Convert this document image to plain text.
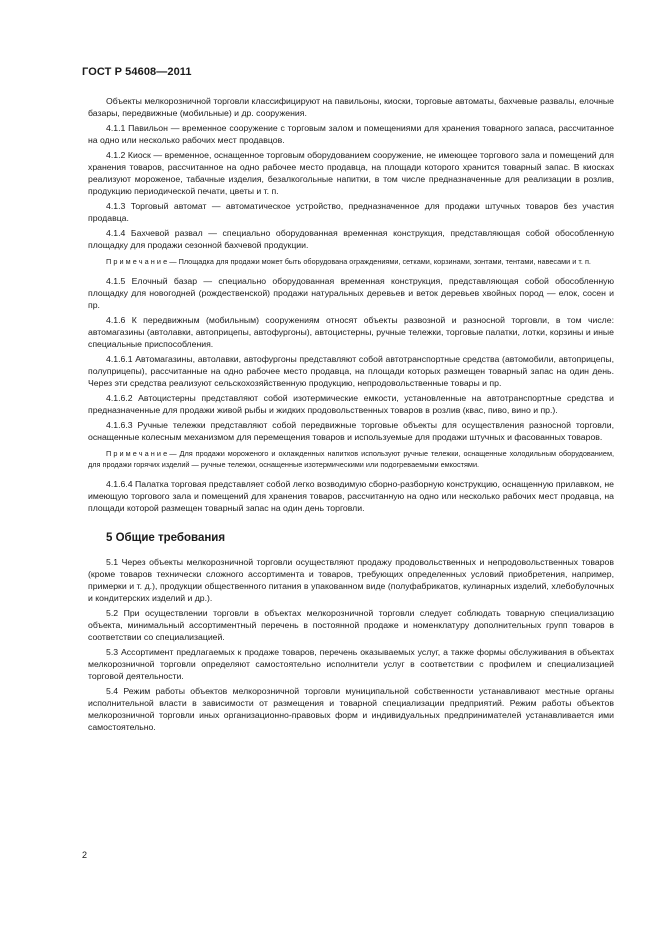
ГОСТ Р 54608—2011

Объекты мелкорозничной торговли классифицируют на павильоны, киоски, торговые автоматы, бахчевые развалы, елочные базары, передвижные (мобильные) и др. сооружения.

4.1.1 Павильон — временное сооружение с торговым залом и помещениями для хранения товарного запаса, рассчитанное на одно или несколько рабочих мест продавцов.

4.1.2 Киоск — временное, оснащенное торговым оборудованием сооружение, не имеющее торгового зала и помещений для хранения товаров, рассчитанное на одно рабочее место продавца, на площади которого хранится товарный запас. В киосках реализуют мороженое, табачные изделия, безалкогольные напитки, в том числе предназначенные для реализации в розлив, продукцию периодической печати, цветы и т. п.

4.1.3 Торговый автомат — автоматическое устройство, предназначенное для продажи штучных товаров без участия продавца.

4.1.4 Бахчевой развал — специально оборудованная временная конструкция, представляющая собой обособленную площадку для продажи сезонной бахчевой продукции.

Примечание— Площадка для продажи может быть оборудована ограждениями, сетками, корзинами, зонтами, тентами, навесами и т. п.

4.1.5 Елочный базар — специально оборудованная временная конструкция, представляющая собой обособленную площадку для новогодней (рождественской) продажи натуральных деревьев и веток деревьев хвойных пород — елок, сосен и пр.

4.1.6 К передвижным (мобильным) сооружениям относят объекты развозной и разносной торговли, в том числе: автомагазины (автолавки, автоприцепы, автофургоны), автоцистерны, ручные тележки, торговые палатки, лотки, корзины и иные специальные приспособления.

4.1.6.1 Автомагазины, автолавки, автофургоны представляют собой автотранспортные средства (автомобили, автоприцепы, полуприцепы), рассчитанные на одно рабочее место продавца, на площади которых размещен товарный запас на один день. Через эти средства реализуют сельскохозяйственную продукцию, непродовольственные товары и пр.

4.1.6.2 Автоцистерны представляют собой изотермические емкости, установленные на автотранспортные средства и предназначенные для продажи живой рыбы и жидких продовольственных товаров в розлив (квас, пиво, вино и пр.).

4.1.6.3 Ручные тележки представляют собой передвижные торговые объекты для осуществления разносной торговли, оснащенные колесным механизмом для перемещения товаров и используемые для продажи штучных и фасованных товаров.

Примечание— Для продажи мороженого и охлажденных напитков используют ручные тележки, оснащенные холодильным оборудованием, для продажи горячих изделий — ручные тележки, оснащенные изотермическими или подогреваемыми емкостями.

4.1.6.4 Палатка торговая представляет собой легко возводимую сборно-разборную конструкцию, оснащенную прилавком, не имеющую торгового зала и помещений для хранения товаров, рассчитанную на одно или несколько рабочих мест продавца, на площади которой размещен товарный запас на один день торговли.

5 Общие требования

5.1 Через объекты мелкорозничной торговли осуществляют продажу продовольственных и непродовольственных товаров (кроме товаров технически сложного ассортимента и товаров, требующих определенных условий приобретения, например, примерки и т. д.), продукции общественного питания в упакованном виде (полуфабрикатов, кулинарных изделий, хлебобулочных и кондитерских изделий и др.).

5.2 При осуществлении торговли в объектах мелкорозничной торговли следует соблюдать товарную специализацию объекта, минимальный ассортиментный перечень в постоянной продаже и номенклатуру дополнительных групп товаров в соответствии со специализацией.

5.3 Ассортимент предлагаемых к продаже товаров, перечень оказываемых услуг, а также формы обслуживания в объектах мелкорозничной торговли определяют самостоятельно исполнители услуг в соответствии с профилем и специализацией торговой деятельности.

5.4 Режим работы объектов мелкорозничной торговли муниципальной собственности устанавливают местные органы исполнительной власти в зависимости от размещения и товарной специализации предприятий. Режим работы объектов мелкорозничной торговли иных организационно-правовых форм и индивидуальных предпринимателей устанавливается ими самостоятельно.

2
